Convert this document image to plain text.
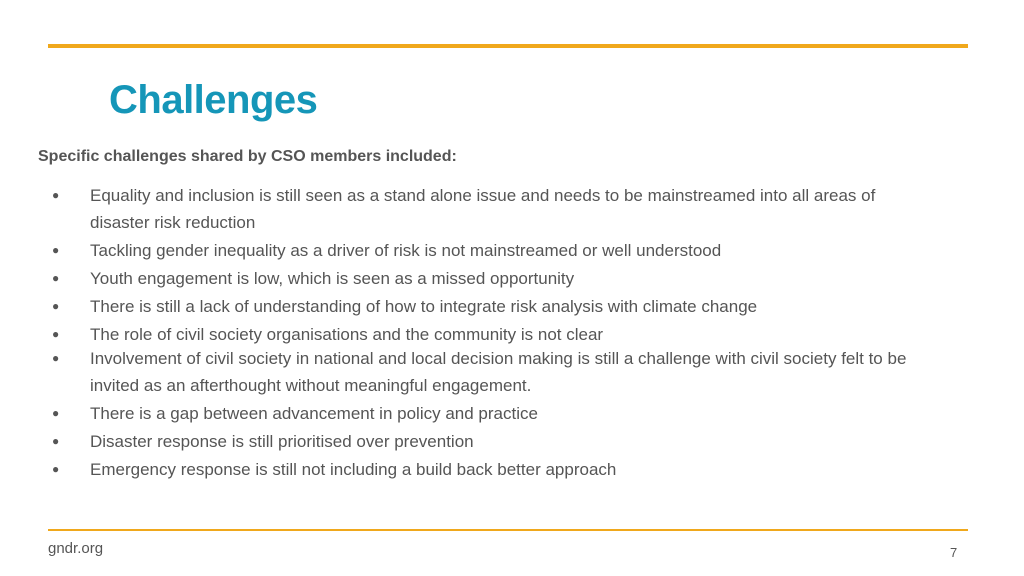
Challenges

Specific challenges shared by CSO members included:

● Equality and inclusion is still seen as a stand alone issue and needs to be mainstreamed into all areas of disaster risk reduction
● Tackling gender inequality as a driver of risk is not mainstreamed or well understood
● Youth engagement is low, which is seen as a missed opportunity
● There is still a lack of understanding of how to integrate risk analysis with climate change
● The role of civil society organisations and the community is not clear
● Involvement of civil society in national and local decision making is still a challenge with civil society felt to be invited as an afterthought without meaningful engagement.
● There is a gap between advancement in policy and practice
● Disaster response is still prioritised over prevention
● Emergency response is still not including a build back better approach
gndr.org	7
